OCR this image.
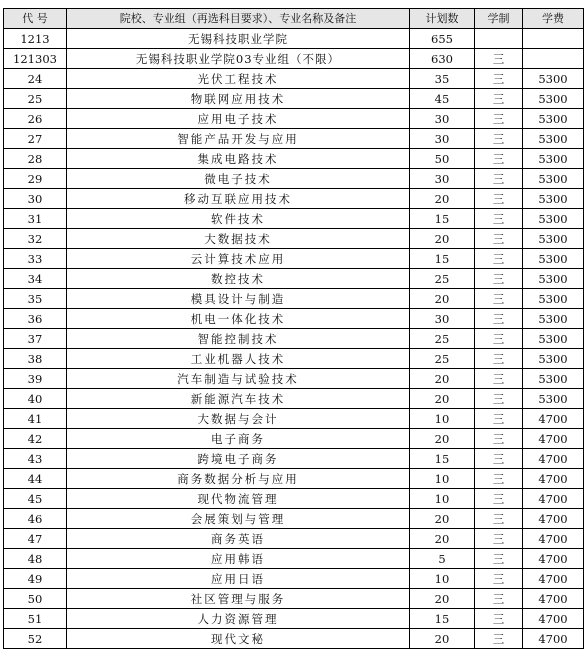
代 号	院校、专业组（再选科目要求）、专业名称及备注	计划数	学制	学费
1213	无锡科技职业学院	655		
121303	无锡科技职业学院03专业组（不限）	630	三	
24	光伏工程技术	35	三	5300
25	物联网应用技术	45	三	5300
26	应用电子技术	30	三	5300
27	智能产品开发与应用	30	三	5300
28	集成电路技术	50	三	5300
29	微电子技术	30	三	5300
30	移动互联应用技术	20	三	5300
31	软件技术	15	三	5300
32	大数据技术	20	三	5300
33	云计算技术应用	15	三	5300
34	数控技术	25	三	5300
35	模具设计与制造	20	三	5300
36	机电一体化技术	30	三	5300
37	智能控制技术	25	三	5300
38	工业机器人技术	25	三	5300
39	汽车制造与试验技术	20	三	5300
40	新能源汽车技术	20	三	5300
41	大数据与会计	10	三	4700
42	电子商务	20	三	4700
43	跨境电子商务	15	三	4700
44	商务数据分析与应用	10	三	4700
45	现代物流管理	10	三	4700
46	会展策划与管理	20	三	4700
47	商务英语	20	三	4700
48	应用韩语	5	三	4700
49	应用日语	10	三	4700
50	社区管理与服务	20	三	4700
51	人力资源管理	15	三	4700
52	现代文秘	20	三	4700
